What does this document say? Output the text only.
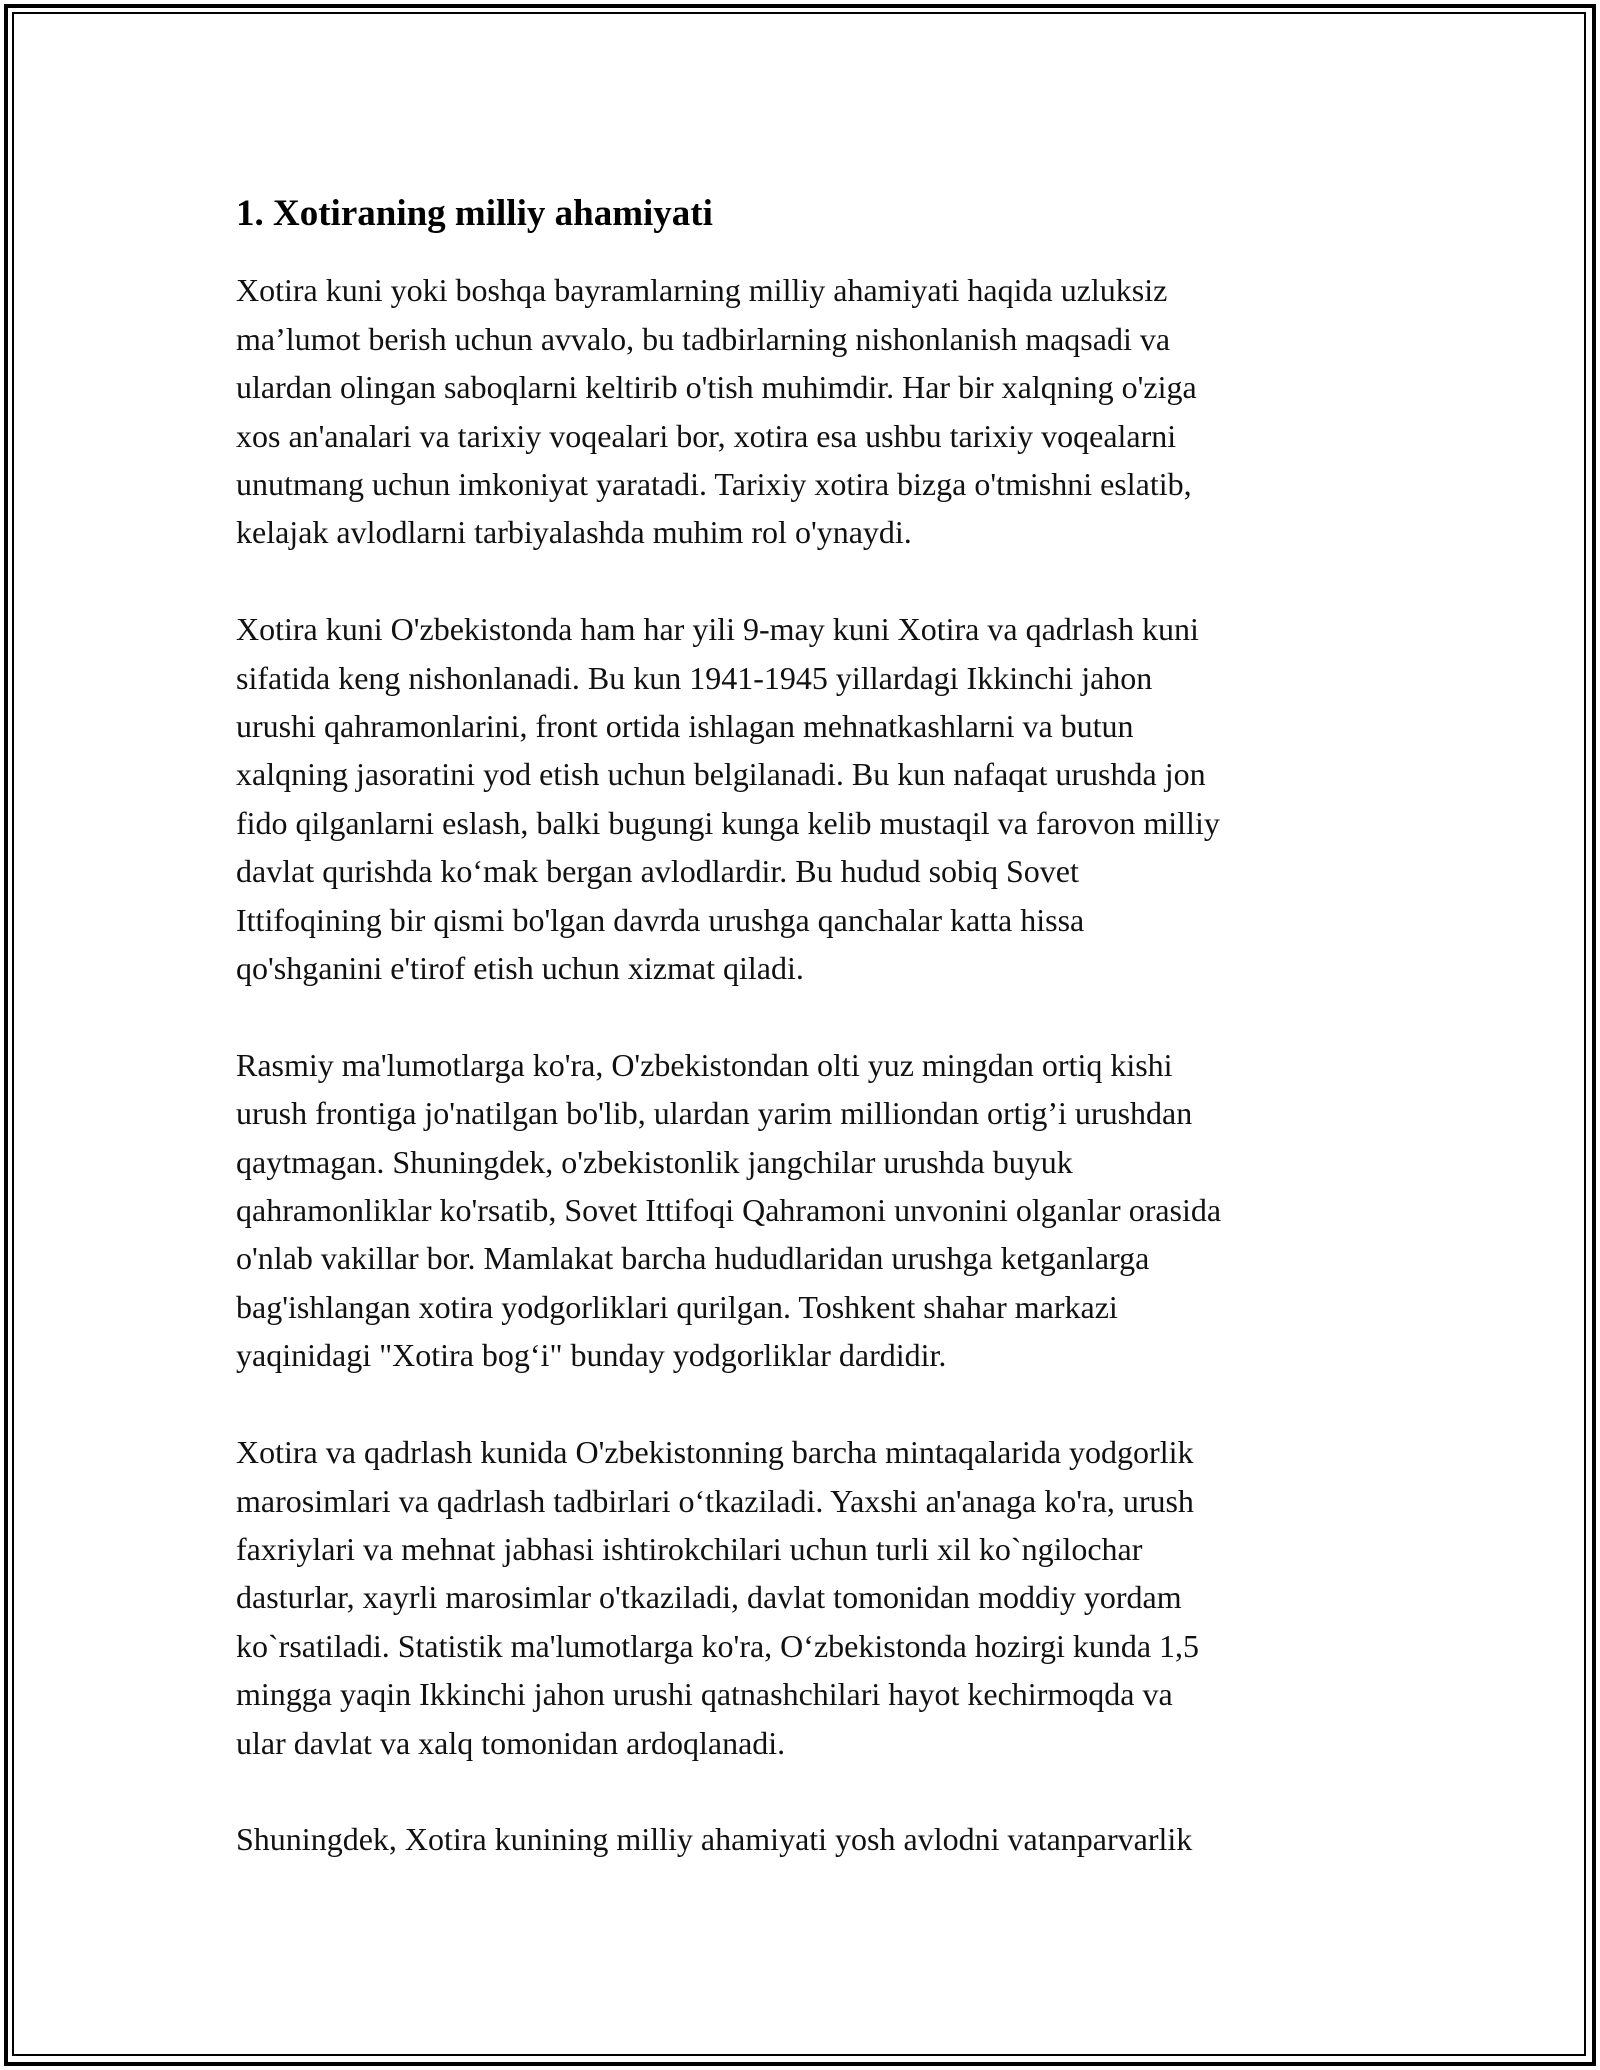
1. Xotiraning milliy ahamiyati

Xotira kuni yoki boshqa bayramlarning milliy ahamiyati haqida uzluksiz
ma’lumot berish uchun avvalo, bu tadbirlarning nishonlanish maqsadi va
ulardan olingan saboqlarni keltirib o'tish muhimdir. Har bir xalqning o'ziga
xos an'analari va tarixiy voqealari bor, xotira esa ushbu tarixiy voqealarni
unutmang uchun imkoniyat yaratadi. Tarixiy xotira bizga o'tmishni eslatib,
kelajak avlodlarni tarbiyalashda muhim rol o'ynaydi.

Xotira kuni O'zbekistonda ham har yili 9-may kuni Xotira va qadrlash kuni
sifatida keng nishonlanadi. Bu kun 1941-1945 yillardagi Ikkinchi jahon
urushi qahramonlarini, front ortida ishlagan mehnatkashlarni va butun
xalqning jasoratini yod etish uchun belgilanadi. Bu kun nafaqat urushda jon
fido qilganlarni eslash, balki bugungi kunga kelib mustaqil va farovon milliy
davlat qurishda ko‘mak bergan avlodlardir. Bu hudud sobiq Sovet
Ittifoqining bir qismi bo'lgan davrda urushga qanchalar katta hissa
qo'shganini e'tirof etish uchun xizmat qiladi.

Rasmiy ma'lumotlarga ko'ra, O'zbekistondan olti yuz mingdan ortiq kishi
urush frontiga jo'natilgan bo'lib, ulardan yarim milliondan ortig’i urushdan
qaytmagan. Shuningdek, o'zbekistonlik jangchilar urushda buyuk
qahramonliklar ko'rsatib, Sovet Ittifoqi Qahramoni unvonini olganlar orasida
o'nlab vakillar bor. Mamlakat barcha hududlaridan urushga ketganlarga
bag'ishlangan xotira yodgorliklari qurilgan. Toshkent shahar markazi
yaqinidagi "Xotira bog‘i" bunday yodgorliklar dardidir.

Xotira va qadrlash kunida O'zbekistonning barcha mintaqalarida yodgorlik
marosimlari va qadrlash tadbirlari o‘tkaziladi. Yaxshi an'anaga ko'ra, urush
faxriylari va mehnat jabhasi ishtirokchilari uchun turli xil ko`ngilochar
dasturlar, xayrli marosimlar o'tkaziladi, davlat tomonidan moddiy yordam
ko`rsatiladi. Statistik ma'lumotlarga ko'ra, O‘zbekistonda hozirgi kunda 1,5
mingga yaqin Ikkinchi jahon urushi qatnashchilari hayot kechirmoqda va
ular davlat va xalq tomonidan ardoqlanadi.

Shuningdek, Xotira kunining milliy ahamiyati yosh avlodni vatanparvarlik
